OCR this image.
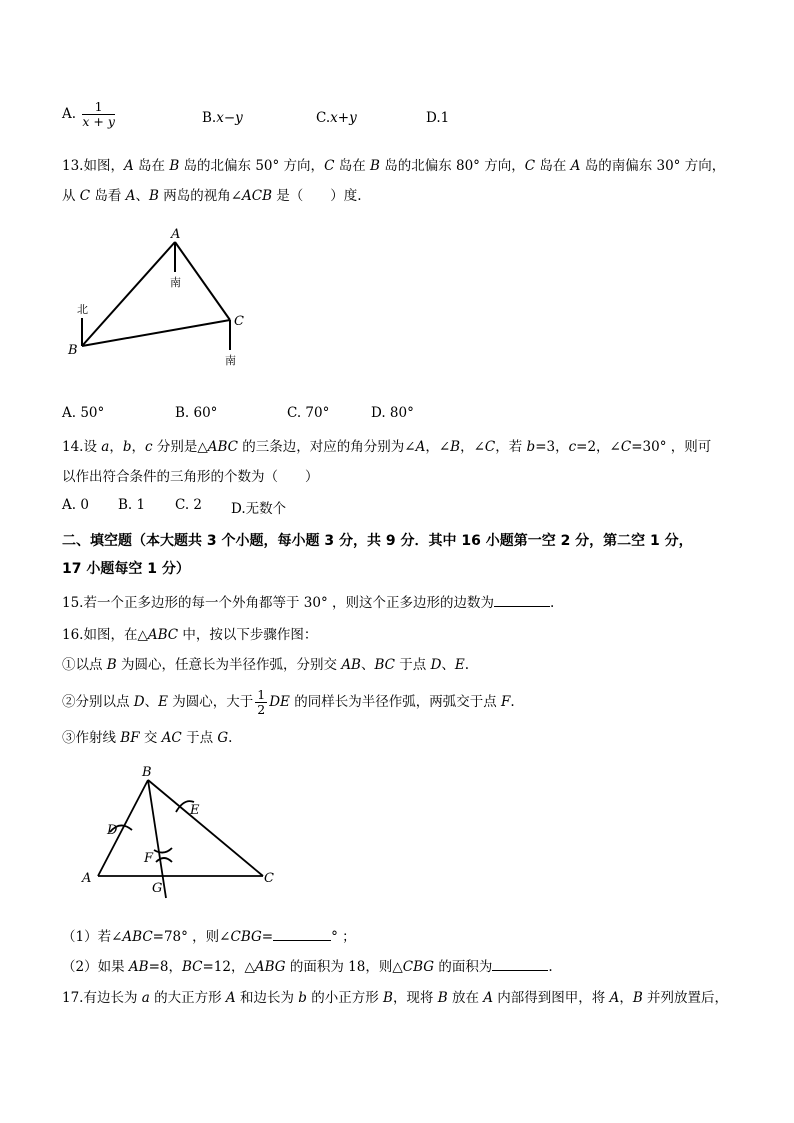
A. $\frac{1}{x + y}$	B.x−y	C.x+y	D.1
13.如图，A 岛在 B 岛的北偏东 50° 方向，C 岛在 B 岛的北偏东 80° 方向，C 岛在 A 岛的南偏东 30° 方向，
从 C 岛看 A、B 两岛的视角∠ACB 是（　　）度.
A
B
C
北
南
南
A. 50°	B. 60°	C. 70°	D. 80°
14.设 a，b，c 分别是△ABC 的三条边，对应的角分别为∠A，∠B，∠C，若 b=3，c=2，∠C=30° ，则可
以作出符合条件的三角形的个数为（　　）
A. 0 B. 1 C. 2 D.无数个
二、填空题（本大题共 3 个小题，每小题 3 分，共 9 分．其中 16 小题第一空 2 分，第二空 1 分，
17 小题每空 1 分）
15.若一个正多边形的每一个外角都等于 30° ，则这个正多边形的边数为	.
16.如图，在△ABC 中，按以下步骤作图：
①以点 B 为圆心，任意长为半径作弧，分别交 AB、BC 于点 D、E.
②分别以点 D、E 为圆心，大于 $\frac{1}{2}$ DE 的同样长为半径作弧，两弧交于点 F.
③作射线 BF 交 AC 于点 G.
B
A	C
D
E
F
G
（1）若∠ABC=78° ，则∠CBG=	° ；
（2）如果 AB=8，BC=12，△ABG 的面积为 18，则△CBG 的面积为	.
17.有边长为 a 的大正方形 A 和边长为 b 的小正方形 B，现将 B 放在 A 内部得到图甲，将 A，B 并列放置后，
